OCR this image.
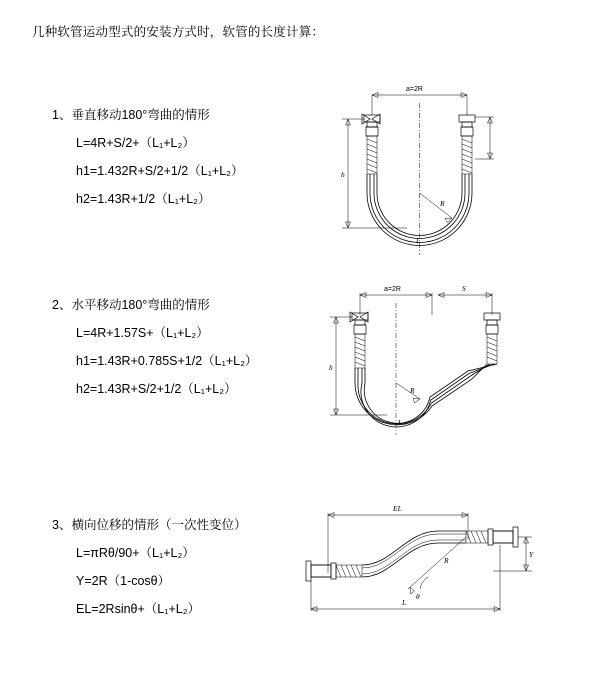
几种软管运动型式的安装方式时，软管的长度计算：
1、垂直移动180°弯曲的情形
L=4R+S/2+（L₁+L₂）
h1=1.432R+S/2+1/2（L₁+L₂）
h2=1.43R+1/2（L₁+L₂）
a=2R
R
L
h
2、水平移动180°弯曲的情形
L=4R+1.57S+（L₁+L₂）
h1=1.43R+0.785S+1/2（L₁+L₂）
h2=1.43R+S/2+1/2（L₁+L₂）
a=2R	S
R
L
h
3、横向位移的情形（一次性变位）
L=πRθ/90+（L₁+L₂）
Y=2R（1-cosθ）
EL=2Rsinθ+（L₁+L₂）
EL
Y
R
θ
L
